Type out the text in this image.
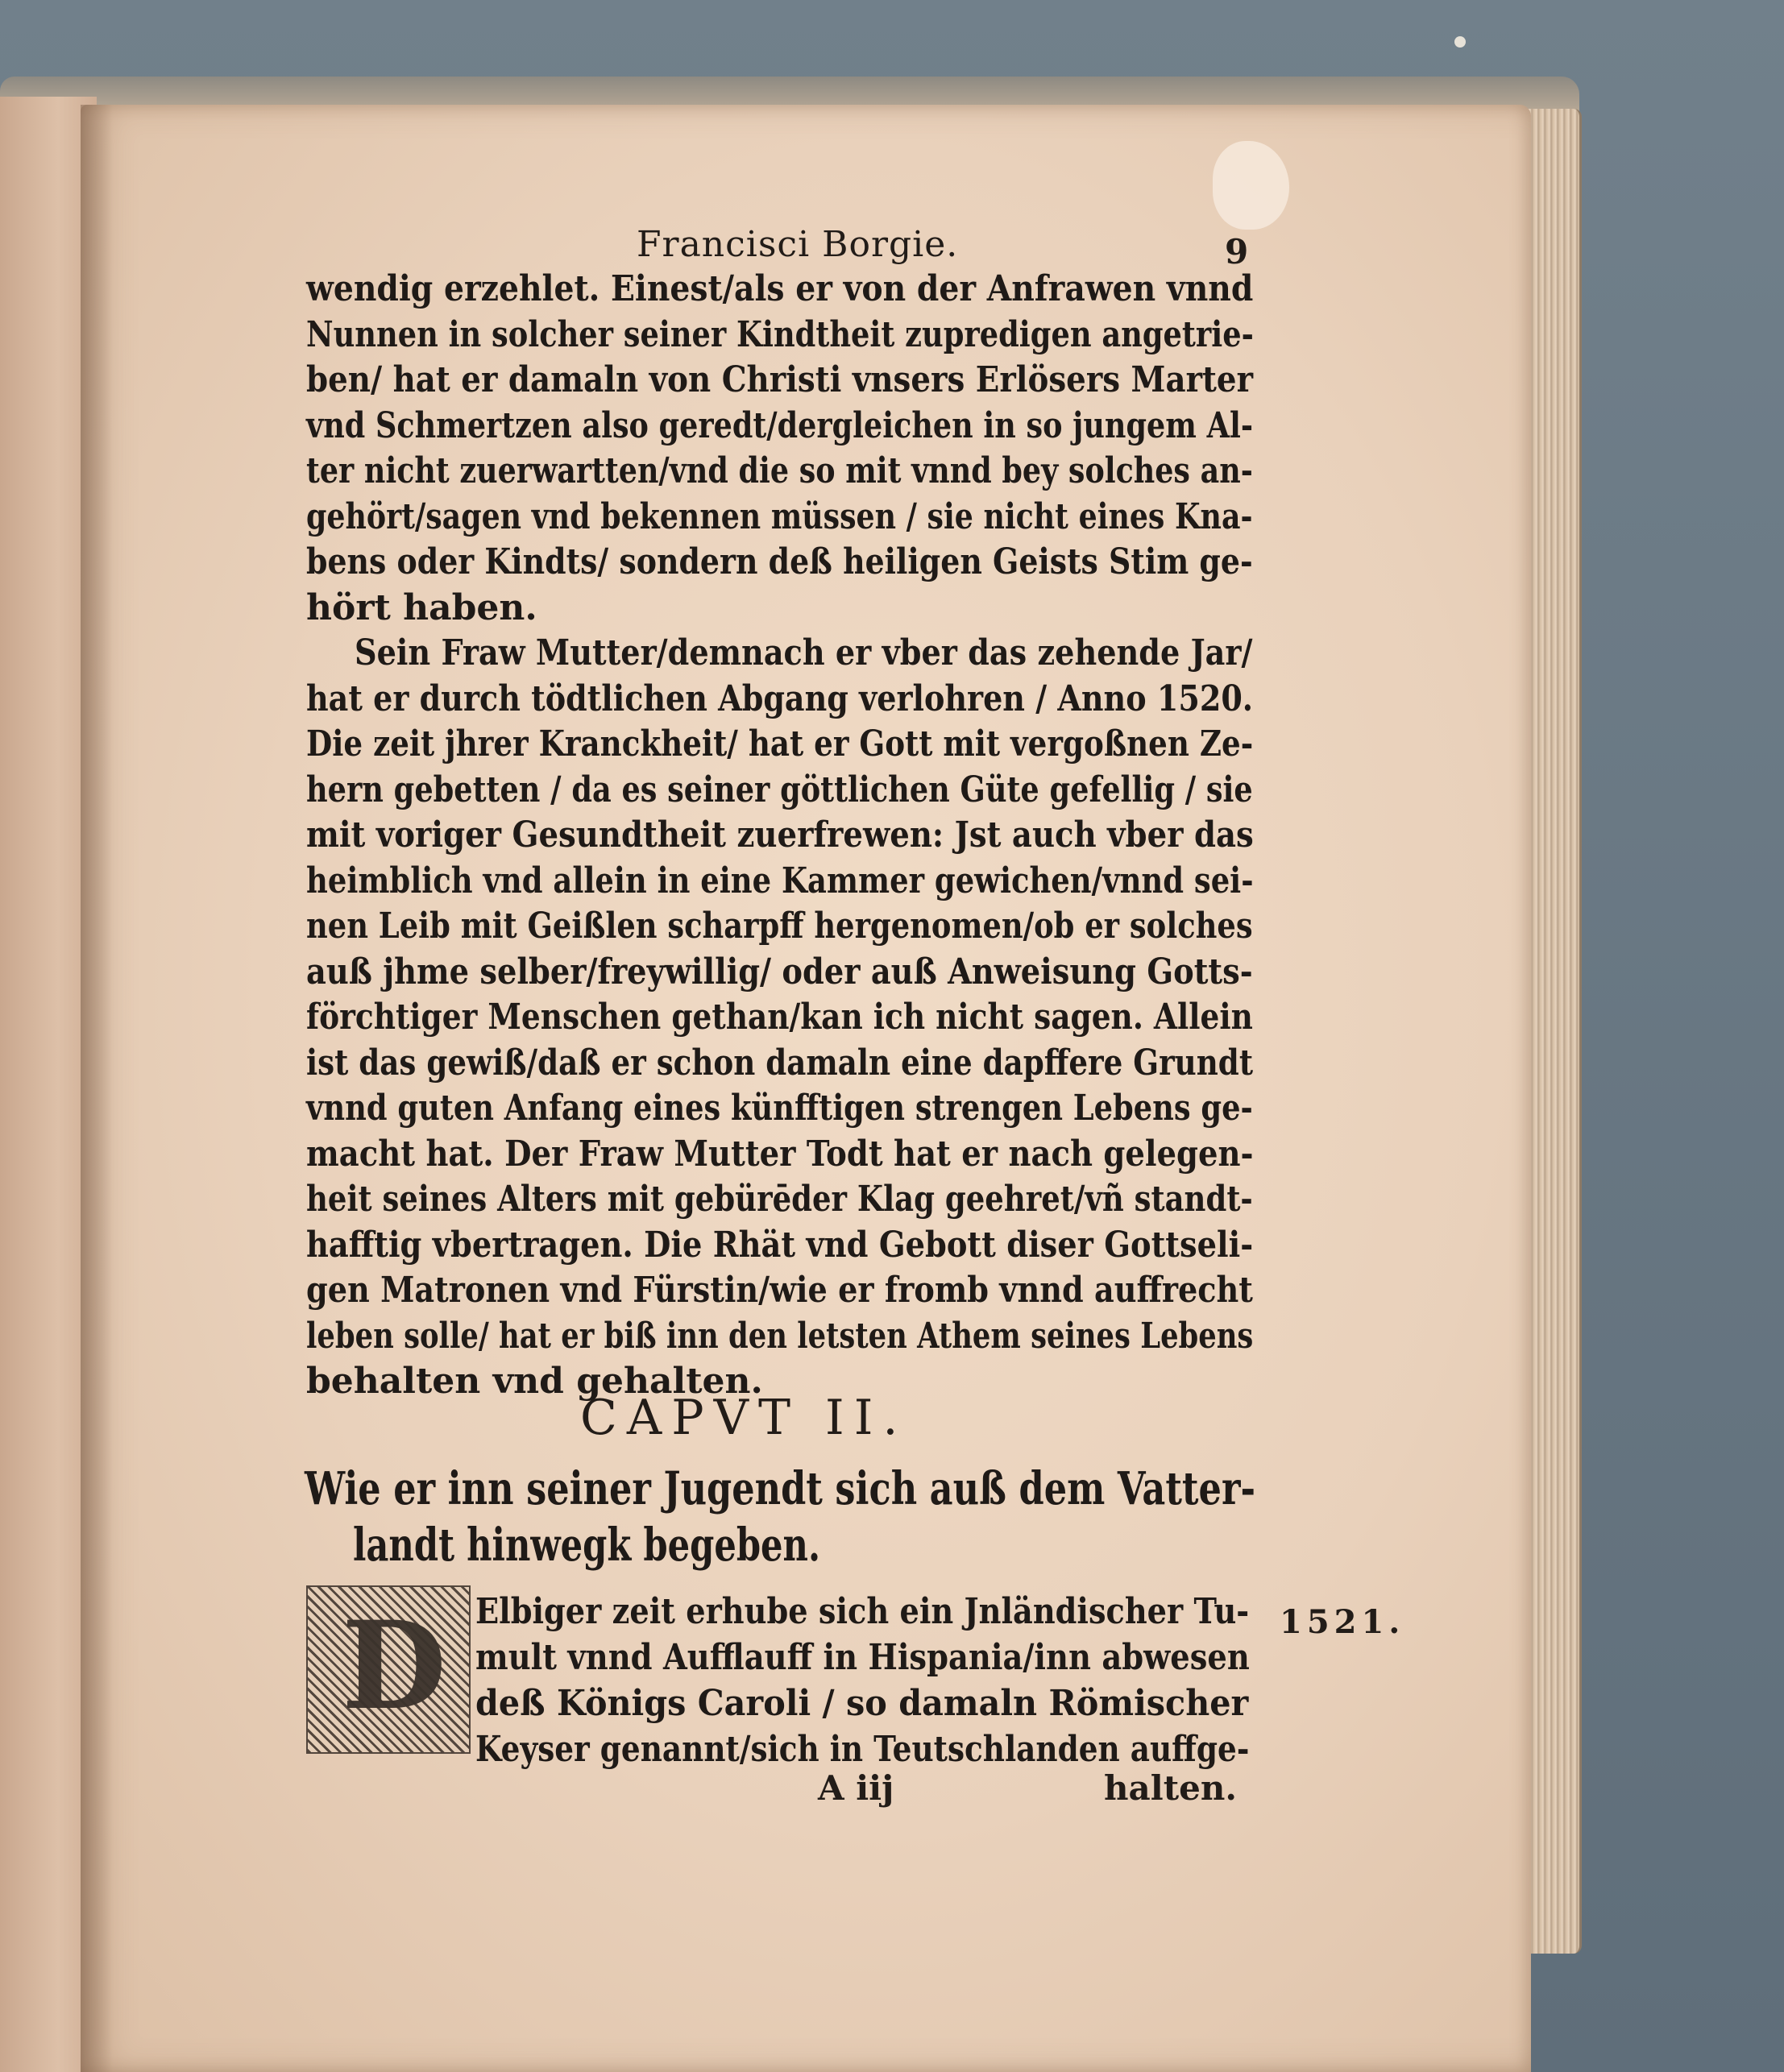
Francisci Borgie.	9
wendig erzehlet. Einest/als er von der Anfrawen vnnd
Nunnen in solcher seiner Kindtheit zupredigen angetrie-
ben/ hat er damaln von Christi vnsers Erlösers Marter
vnd Schmertzen also geredt/dergleichen in so jungem Al-
ter nicht zuerwartten/vnd die so mit vnnd bey solches an-
gehört/sagen vnd bekennen müssen / sie nicht eines Kna-
bens oder Kindts/ sondern deß heiligen Geists Stim ge-
hört haben.
Sein Fraw Mutter/demnach er vber das zehende Jar/
hat er durch tödtlichen Abgang verlohren / Anno 1520.
Die zeit jhrer Kranckheit/ hat er Gott mit vergoßnen Ze-
hern gebetten / da es seiner göttlichen Güte gefellig / sie
mit voriger Gesundtheit zuerfrewen: Jst auch vber das
heimblich vnd allein in eine Kammer gewichen/vnnd sei-
nen Leib mit Geißlen scharpff hergenomen/ob er solches
auß jhme selber/freywillig/ oder auß Anweisung Gotts-
förchtiger Menschen gethan/kan ich nicht sagen. Allein
ist das gewiß/daß er schon damaln eine dapffere Grundt
vnnd guten Anfang eines künfftigen strengen Lebens ge-
macht hat. Der Fraw Mutter Todt hat er nach gelegen-
heit seines Alters mit gebürēder Klag geehret/vñ standt-
hafftig vbertragen. Die Rhät vnd Gebott diser Gottseli-
gen Matronen vnd Fürstin/wie er fromb vnnd auffrecht
leben solle/ hat er biß inn den letsten Athem seines Lebens
behalten vnd gehalten.
CAPVT II.
Wie er inn seiner Jugendt sich auß dem Vatter-
landt hinwegk begeben.
D Elbiger zeit erhube sich ein Jnländischer Tu-
mult vnnd Aufflauff in Hispania/inn abwesen
deß Königs Caroli / so damaln Römischer
Keyser genannt/sich in Teutschlanden auffge-
1521.
A iij	halten.
